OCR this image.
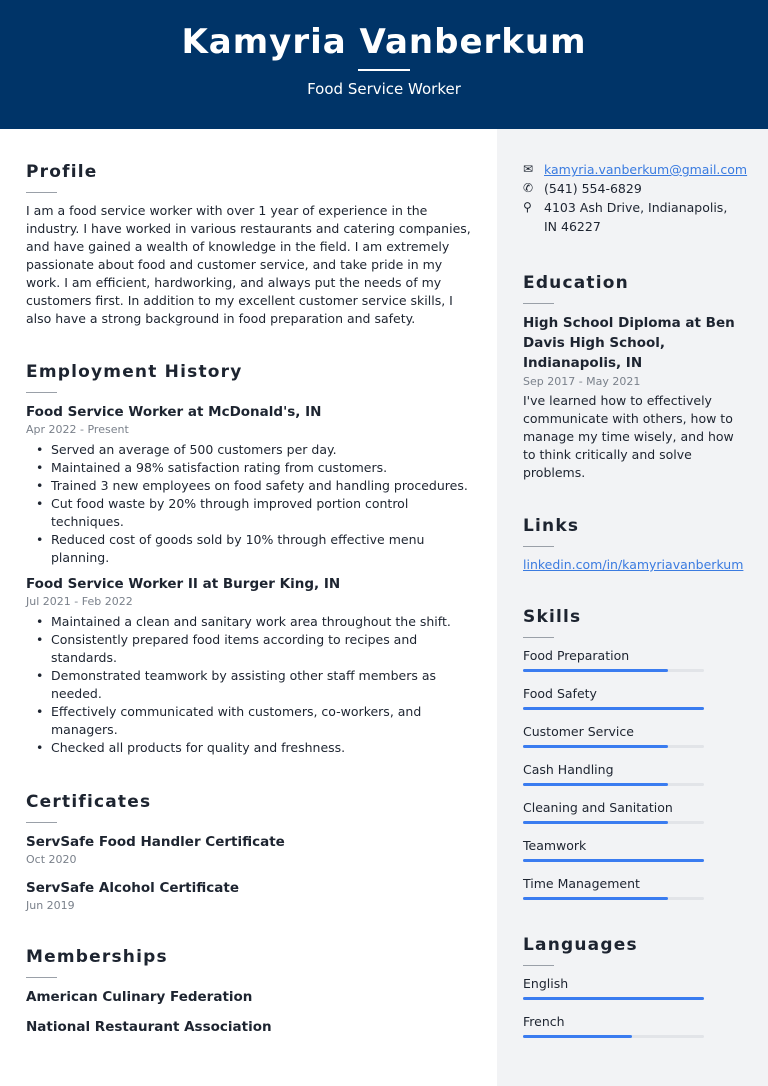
Kamyria Vanberkum
Food Service Worker
Profile

I am a food service worker with over 1 year of experience in the industry. I have worked in various restaurants and catering companies, and have gained a wealth of knowledge in the field. I am extremely passionate about food and customer service, and take pride in my work. I am efficient, hardworking, and always put the needs of my customers first. In addition to my excellent customer service skills, I also have a strong background in food preparation and safety.

Employment History
Food Service Worker at McDonald's, IN
Apr 2022 - Present
• Served an average of 500 customers per day.
• Maintained a 98% satisfaction rating from customers.
• Trained 3 new employees on food safety and handling procedures.
• Cut food waste by 20% through improved portion control techniques.
• Reduced cost of goods sold by 10% through effective menu planning.
Food Service Worker II at Burger King, IN
Jul 2021 - Feb 2022
• Maintained a clean and sanitary work area throughout the shift.
• Consistently prepared food items according to recipes and standards.
• Demonstrated teamwork by assisting other staff members as needed.
• Effectively communicated with customers, co-workers, and managers.
• Checked all products for quality and freshness.
Certificates
ServSafe Food Handler Certificate
Oct 2020
ServSafe Alcohol Certificate
Jun 2019
Memberships
American Culinary Federation
National Restaurant Association
✉ kamyria.vanberkum@gmail.com
✆ (541) 554-6829
⚲ 4103 Ash Drive, Indianapolis, IN 46227
Education
High School Diploma at Ben Davis High School, Indianapolis, IN
Sep 2017 - May 2021

I've learned how to effectively communicate with others, how to manage my time wisely, and how to think critically and solve problems.

Links

linkedin.com/in/kamyriavanberkum

Skills
Food Preparation
Food Safety
Customer Service
Cash Handling
Cleaning and Sanitation
Teamwork
Time Management
Languages
English
French
